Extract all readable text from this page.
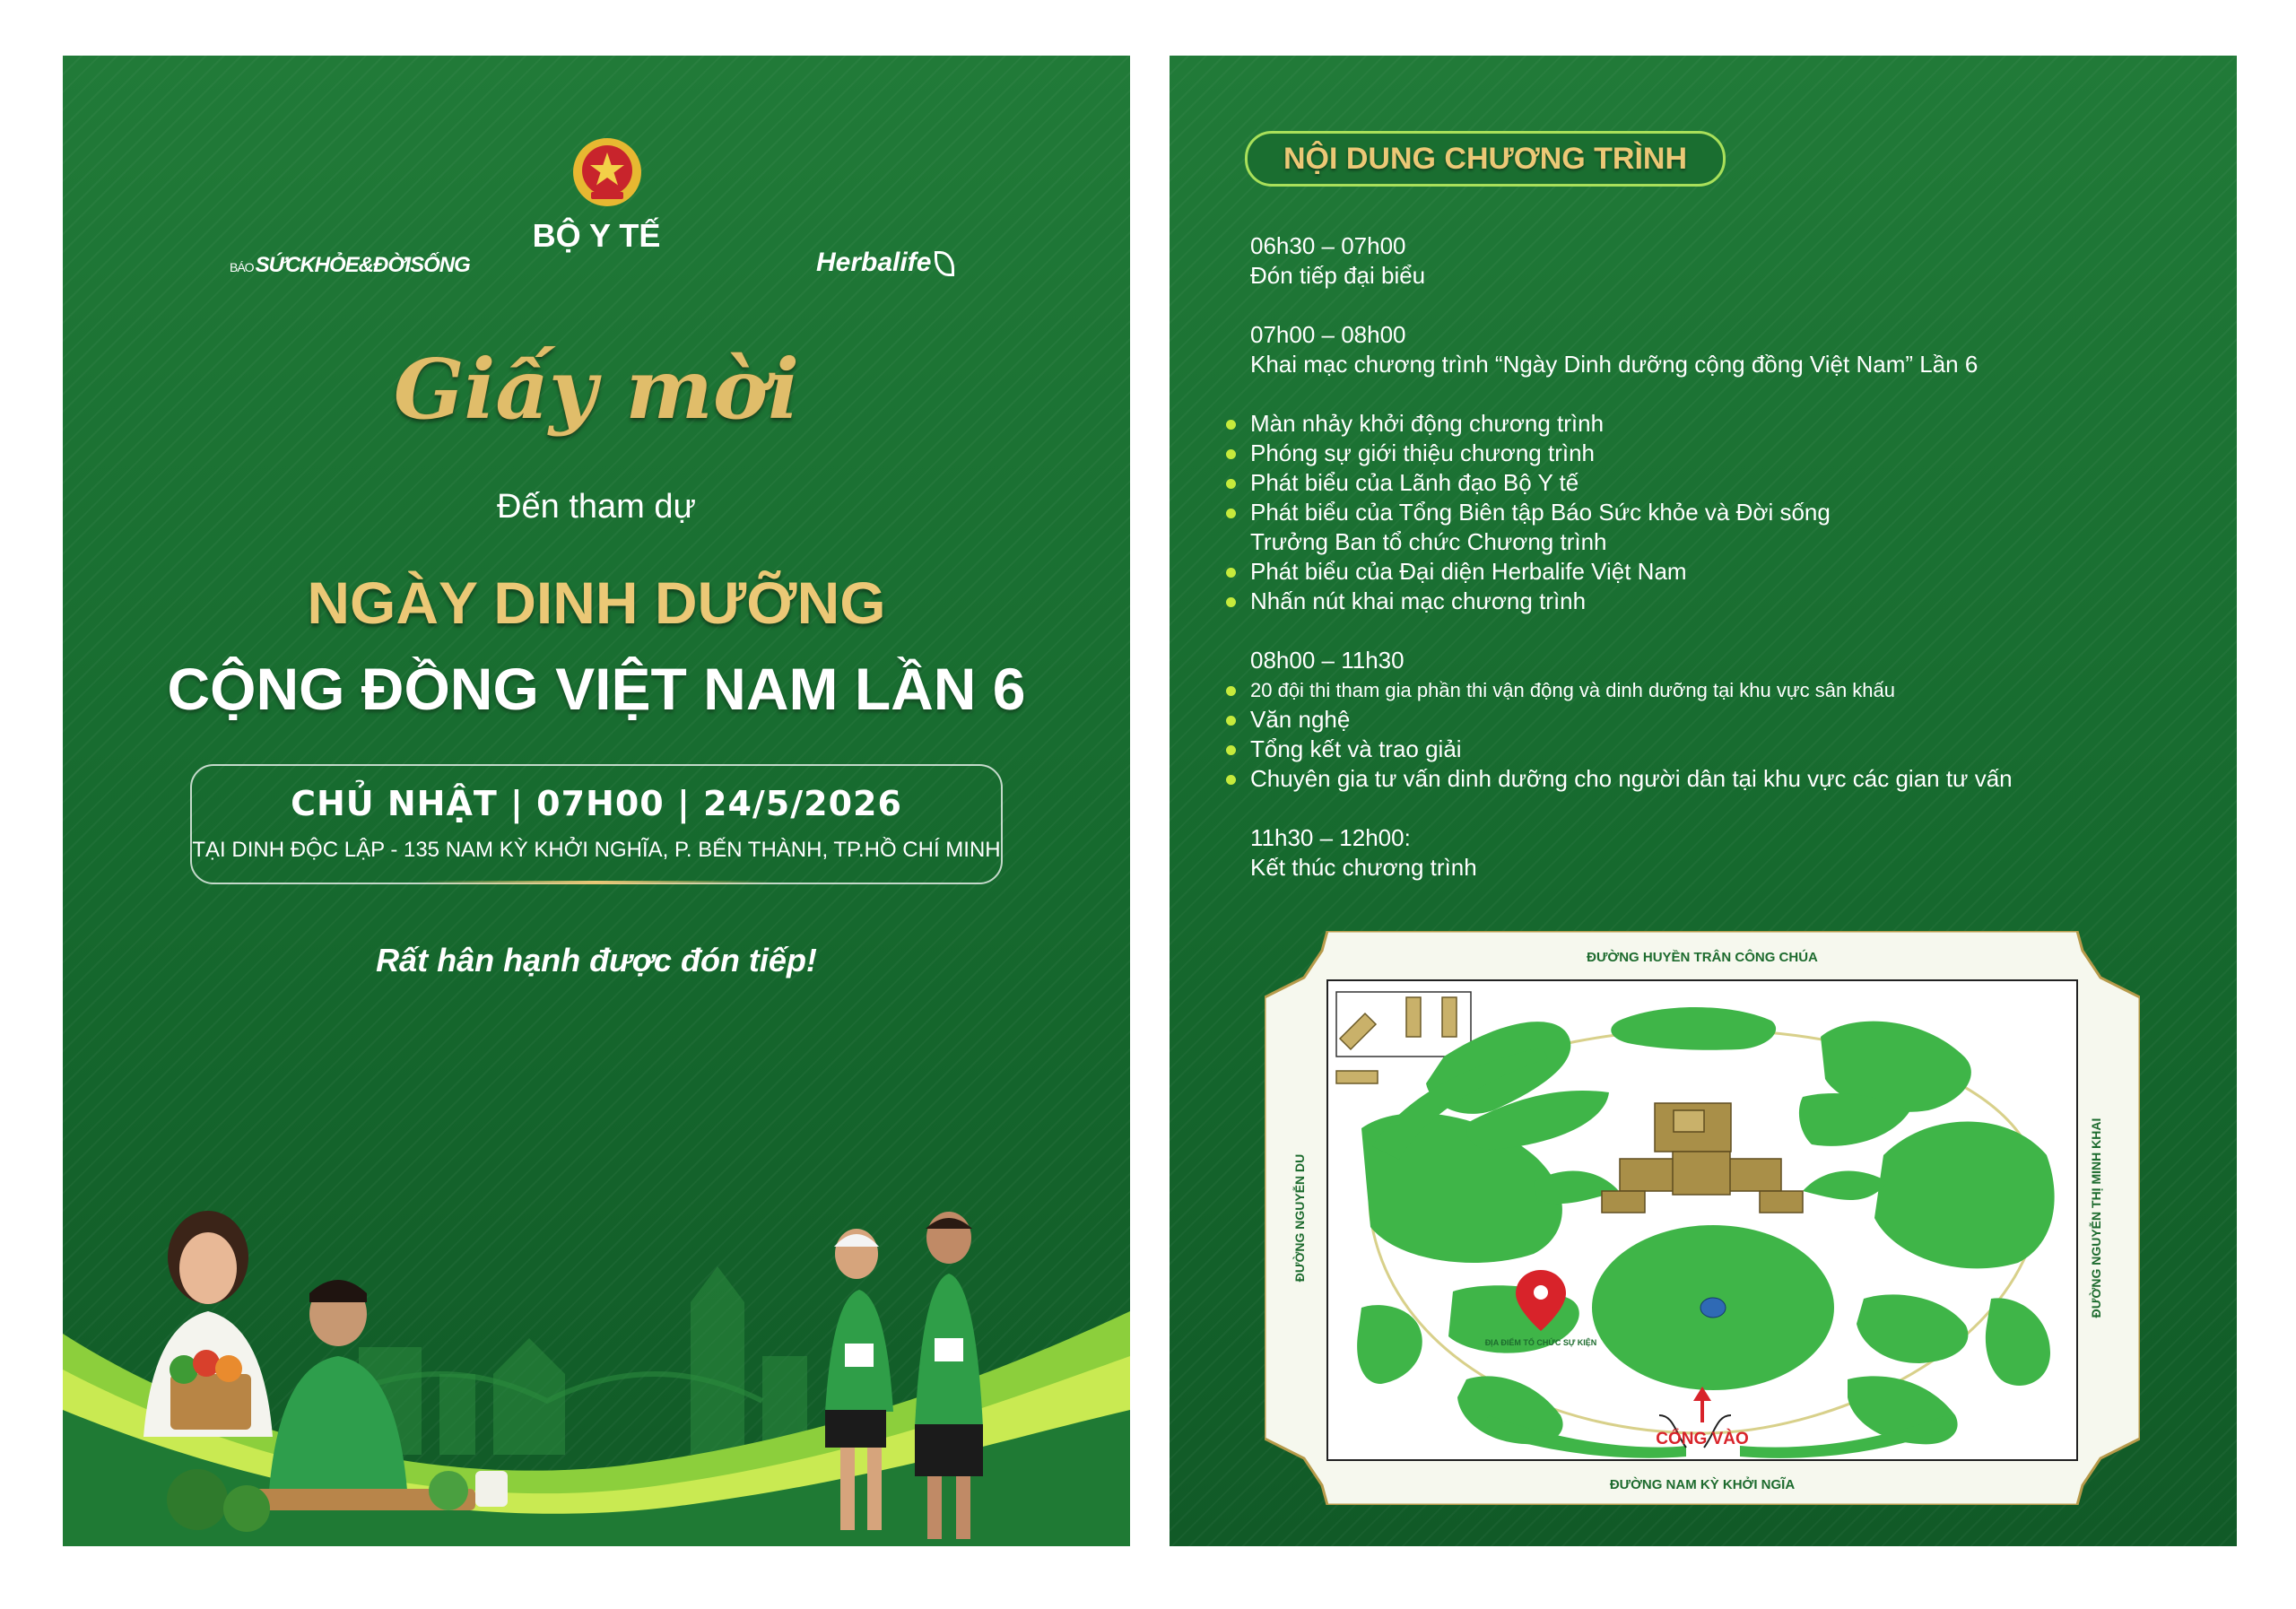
BỘ Y TẾ
BÁOSỨCKHỎE&ĐỜISỐNG	Herbalife
Giấy mời
Đến tham dự
NGÀY DINH DƯỠNG
CỘNG ĐỒNG VIỆT NAM LẦN 6
CHỦ NHẬT | 07H00 | 24/5/2026
TẠI DINH ĐỘC LẬP - 135 NAM KỲ KHỞI NGHĨA, P. BẾN THÀNH, TP.HỒ CHÍ MINH
Rất hân hạnh được đón tiếp!
NỘI DUNG CHƯƠNG TRÌNH
06h30 – 07h00
Đón tiếp đại biểu
07h00 – 08h00
Khai mạc chương trình “Ngày Dinh dưỡng cộng đồng Việt Nam” Lần 6
Màn nhảy khởi động chương trình
Phóng sự giới thiệu chương trình
Phát biểu của Lãnh đạo Bộ Y tế
Phát biểu của Tổng Biên tập Báo Sức khỏe và Đời sống
Trưởng Ban tổ chức Chương trình
Phát biểu của Đại diện Herbalife Việt Nam
Nhấn nút khai mạc chương trình
08h00 – 11h30
20 đội thi tham gia phần thi vận động và dinh dưỡng tại khu vực sân khấu
Văn nghệ
Tổng kết và trao giải
Chuyên gia tư vấn dinh dưỡng cho người dân tại khu vực các gian tư vấn
11h30 – 12h00:
Kết thúc chương trình
ĐƯỜNG HUYỀN TRÂN CÔNG CHÚA
ĐƯỜNG NAM KỲ KHỞI NGĨA
ĐƯỜNG NGUYỄN DU	ĐƯỜNG NGUYỄN THỊ MINH KHAI
ĐỊA ĐIỂM TỔ CHỨC SỰ KIỆN
CỔNG VÀO
